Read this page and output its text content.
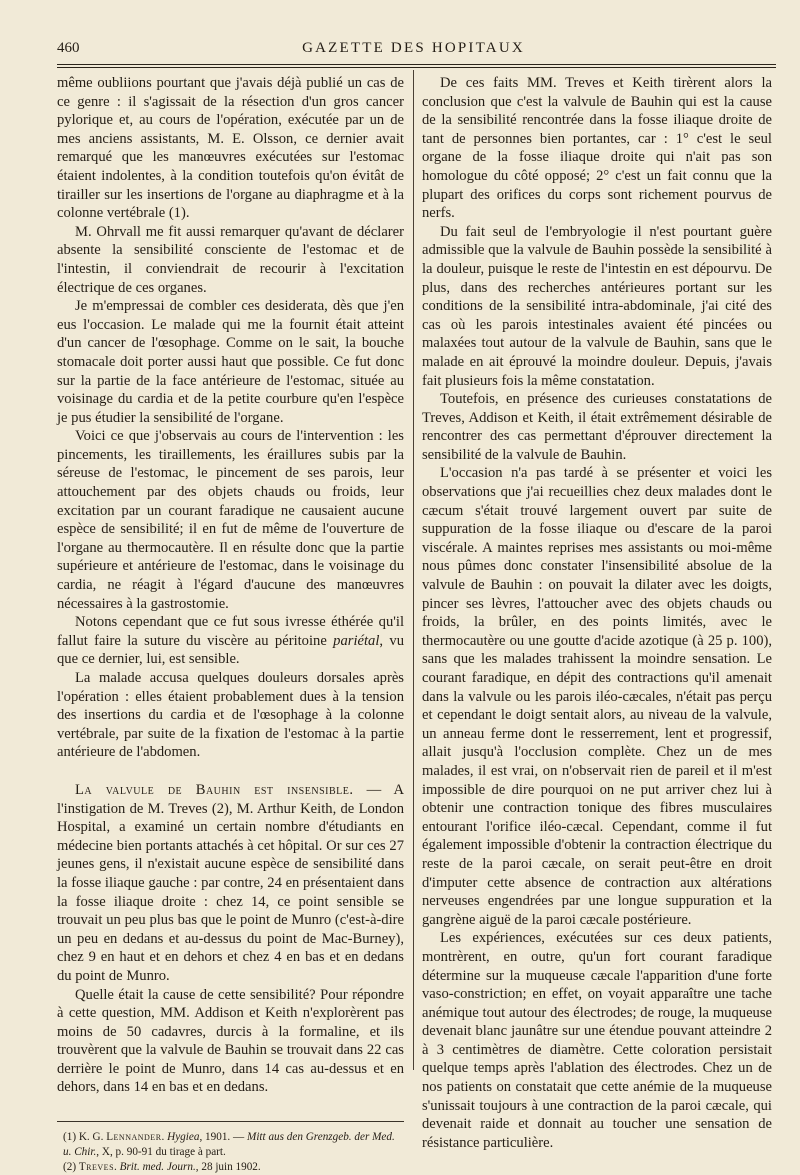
460	GAZETTE DES HOPITAUX

même oubliions pourtant que j'avais déjà publié un cas de ce genre : il s'agissait de la résection d'un gros cancer pylorique et, au cours de l'opération, exécutée par un de mes anciens assistants, M. E. Olsson, ce dernier avait remarqué que les manœuvres exécutées sur l'estomac étaient indolentes, à la condition toutefois qu'on évitât de tirailler sur les insertions de l'organe au diaphragme et à la colonne vertébrale (1).

M. Ohrvall me fit aussi remarquer qu'avant de déclarer absente la sensibilité consciente de l'estomac et de l'intestin, il conviendrait de recourir à l'excitation électrique de ces organes.

Je m'empressai de combler ces desiderata, dès que j'en eus l'occasion. Le malade qui me la fournit était atteint d'un cancer de l'œsophage. Comme on le sait, la bouche stomacale doit porter aussi haut que possible. Ce fut donc sur la partie de la face antérieure de l'estomac, située au voisinage du cardia et de la petite courbure qu'en l'espèce je pus étudier la sensibilité de l'organe.

Voici ce que j'observais au cours de l'intervention : les pincements, les tiraillements, les éraillures subis par la séreuse de l'estomac, le pincement de ses parois, leur attouchement par des objets chauds ou froids, leur excitation par un courant faradique ne causaient aucune espèce de sensibilité; il en fut de même de l'ouverture de l'organe au thermocautère. Il en résulte donc que la partie supérieure et antérieure de l'estomac, dans le voisinage du cardia, ne réagit à l'égard d'aucune des manœuvres nécessaires à la gastrostomie.

Notons cependant que ce fut sous ivresse éthérée qu'il fallut faire la suture du viscère au péritoine pariétal, vu que ce dernier, lui, est sensible.

La malade accusa quelques douleurs dorsales après l'opération : elles étaient probablement dues à la tension des insertions du cardia et de l'œsophage à la colonne vertébrale, par suite de la fixation de l'estomac à la partie antérieure de l'abdomen.

La valvule de Bauhin est insensible. — A l'instigation de M. Treves (2), M. Arthur Keith, de London Hospital, a examiné un certain nombre d'étudiants en médecine bien portants attachés à cet hôpital. Or sur ces 27 jeunes gens, il n'existait aucune espèce de sensibilité dans la fosse iliaque gauche : par contre, 24 en présentaient dans la fosse iliaque droite : chez 14, ce point sensible se trouvait un peu plus bas que le point de Munro (c'est-à-dire un peu en dedans et au-dessus du point de Mac-Burney), chez 9 en haut et en dehors et chez 4 en bas et en dedans du point de Munro.

Quelle était la cause de cette sensibilité? Pour répondre à cette question, MM. Addison et Keith n'explorèrent pas moins de 50 cadavres, durcis à la formaline, et ils trouvèrent que la valvule de Bauhin se trouvait dans 22 cas derrière le point de Munro, dans 14 cas au-dessus et en dehors, dans 14 en bas et en dedans.

(1) K. G. Lennander. Hygiea, 1901. — Mitt aus den Grenzgeb. der Med. u. Chir., X, p. 90-91 du tirage à part.

(2) Treves. Brit. med. Journ., 28 juin 1902.

De ces faits MM. Treves et Keith tirèrent alors la conclusion que c'est la valvule de Bauhin qui est la cause de la sensibilité rencontrée dans la fosse iliaque droite de tant de personnes bien portantes, car : 1° c'est le seul organe de la fosse iliaque droite qui n'ait pas son homologue du côté opposé; 2° c'est un fait connu que la plupart des orifices du corps sont richement pourvus de nerfs.

Du fait seul de l'embryologie il n'est pourtant guère admissible que la valvule de Bauhin possède la sensibilité à la douleur, puisque le reste de l'intestin en est dépourvu. De plus, dans des recherches antérieures portant sur les conditions de la sensibilité intra-abdominale, j'ai cité des cas où les parois intestinales avaient été pincées ou malaxées tout autour de la valvule de Bauhin, sans que le malade en ait éprouvé la moindre douleur. Depuis, j'avais fait plusieurs fois la même constatation.

Toutefois, en présence des curieuses constatations de Treves, Addison et Keith, il était extrêmement désirable de rencontrer des cas permettant d'éprouver directement la sensibilité de la valvule de Bauhin.

L'occasion n'a pas tardé à se présenter et voici les observations que j'ai recueillies chez deux malades dont le cæcum s'était trouvé largement ouvert par suite de suppuration de la fosse iliaque ou d'escare de la paroi viscérale. A maintes reprises mes assistants ou moi-même nous pûmes donc constater l'insensibilité absolue de la valvule de Bauhin : on pouvait la dilater avec les doigts, pincer ses lèvres, l'attoucher avec des objets chauds ou froids, la brûler, en des points limités, avec le thermocautère ou une goutte d'acide azotique (à 25 p. 100), sans que les malades trahissent la moindre sensation. Le courant faradique, en dépit des contractions qu'il amenait dans la valvule ou les parois iléo-cæcales, n'était pas perçu et cependant le doigt sentait alors, au niveau de la valvule, un anneau ferme dont le resserrement, lent et progressif, allait jusqu'à l'occlusion complète. Chez un de mes malades, il est vrai, on n'observait rien de pareil et il m'est impossible de dire pourquoi on ne put arriver chez lui à obtenir une contraction tonique des fibres musculaires entourant l'orifice iléo-cæcal. Cependant, comme il fut également impossible d'obtenir la contraction électrique du reste de la paroi cæcale, on serait peut-être en droit d'imputer cette absence de contraction aux altérations nerveuses engendrées par une longue suppuration et la gangrène aiguë de la paroi cæcale postérieure.

Les expériences, exécutées sur ces deux patients, montrèrent, en outre, qu'un fort courant faradique détermine sur la muqueuse cæcale l'apparition d'une forte vaso-constriction; en effet, on voyait apparaître une tache anémique tout autour des électrodes; de rouge, la muqueuse devenait blanc jaunâtre sur une étendue pouvant atteindre 2 à 3 centimètres de diamètre. Cette coloration persistait quelque temps après l'ablation des électrodes. Chez un de nos patients on constatait que cette anémie de la muqueuse s'unissait toujours à une contraction de la paroi cæcale, qui devenait raide et donnait au toucher une sensation de résistance particulière.
